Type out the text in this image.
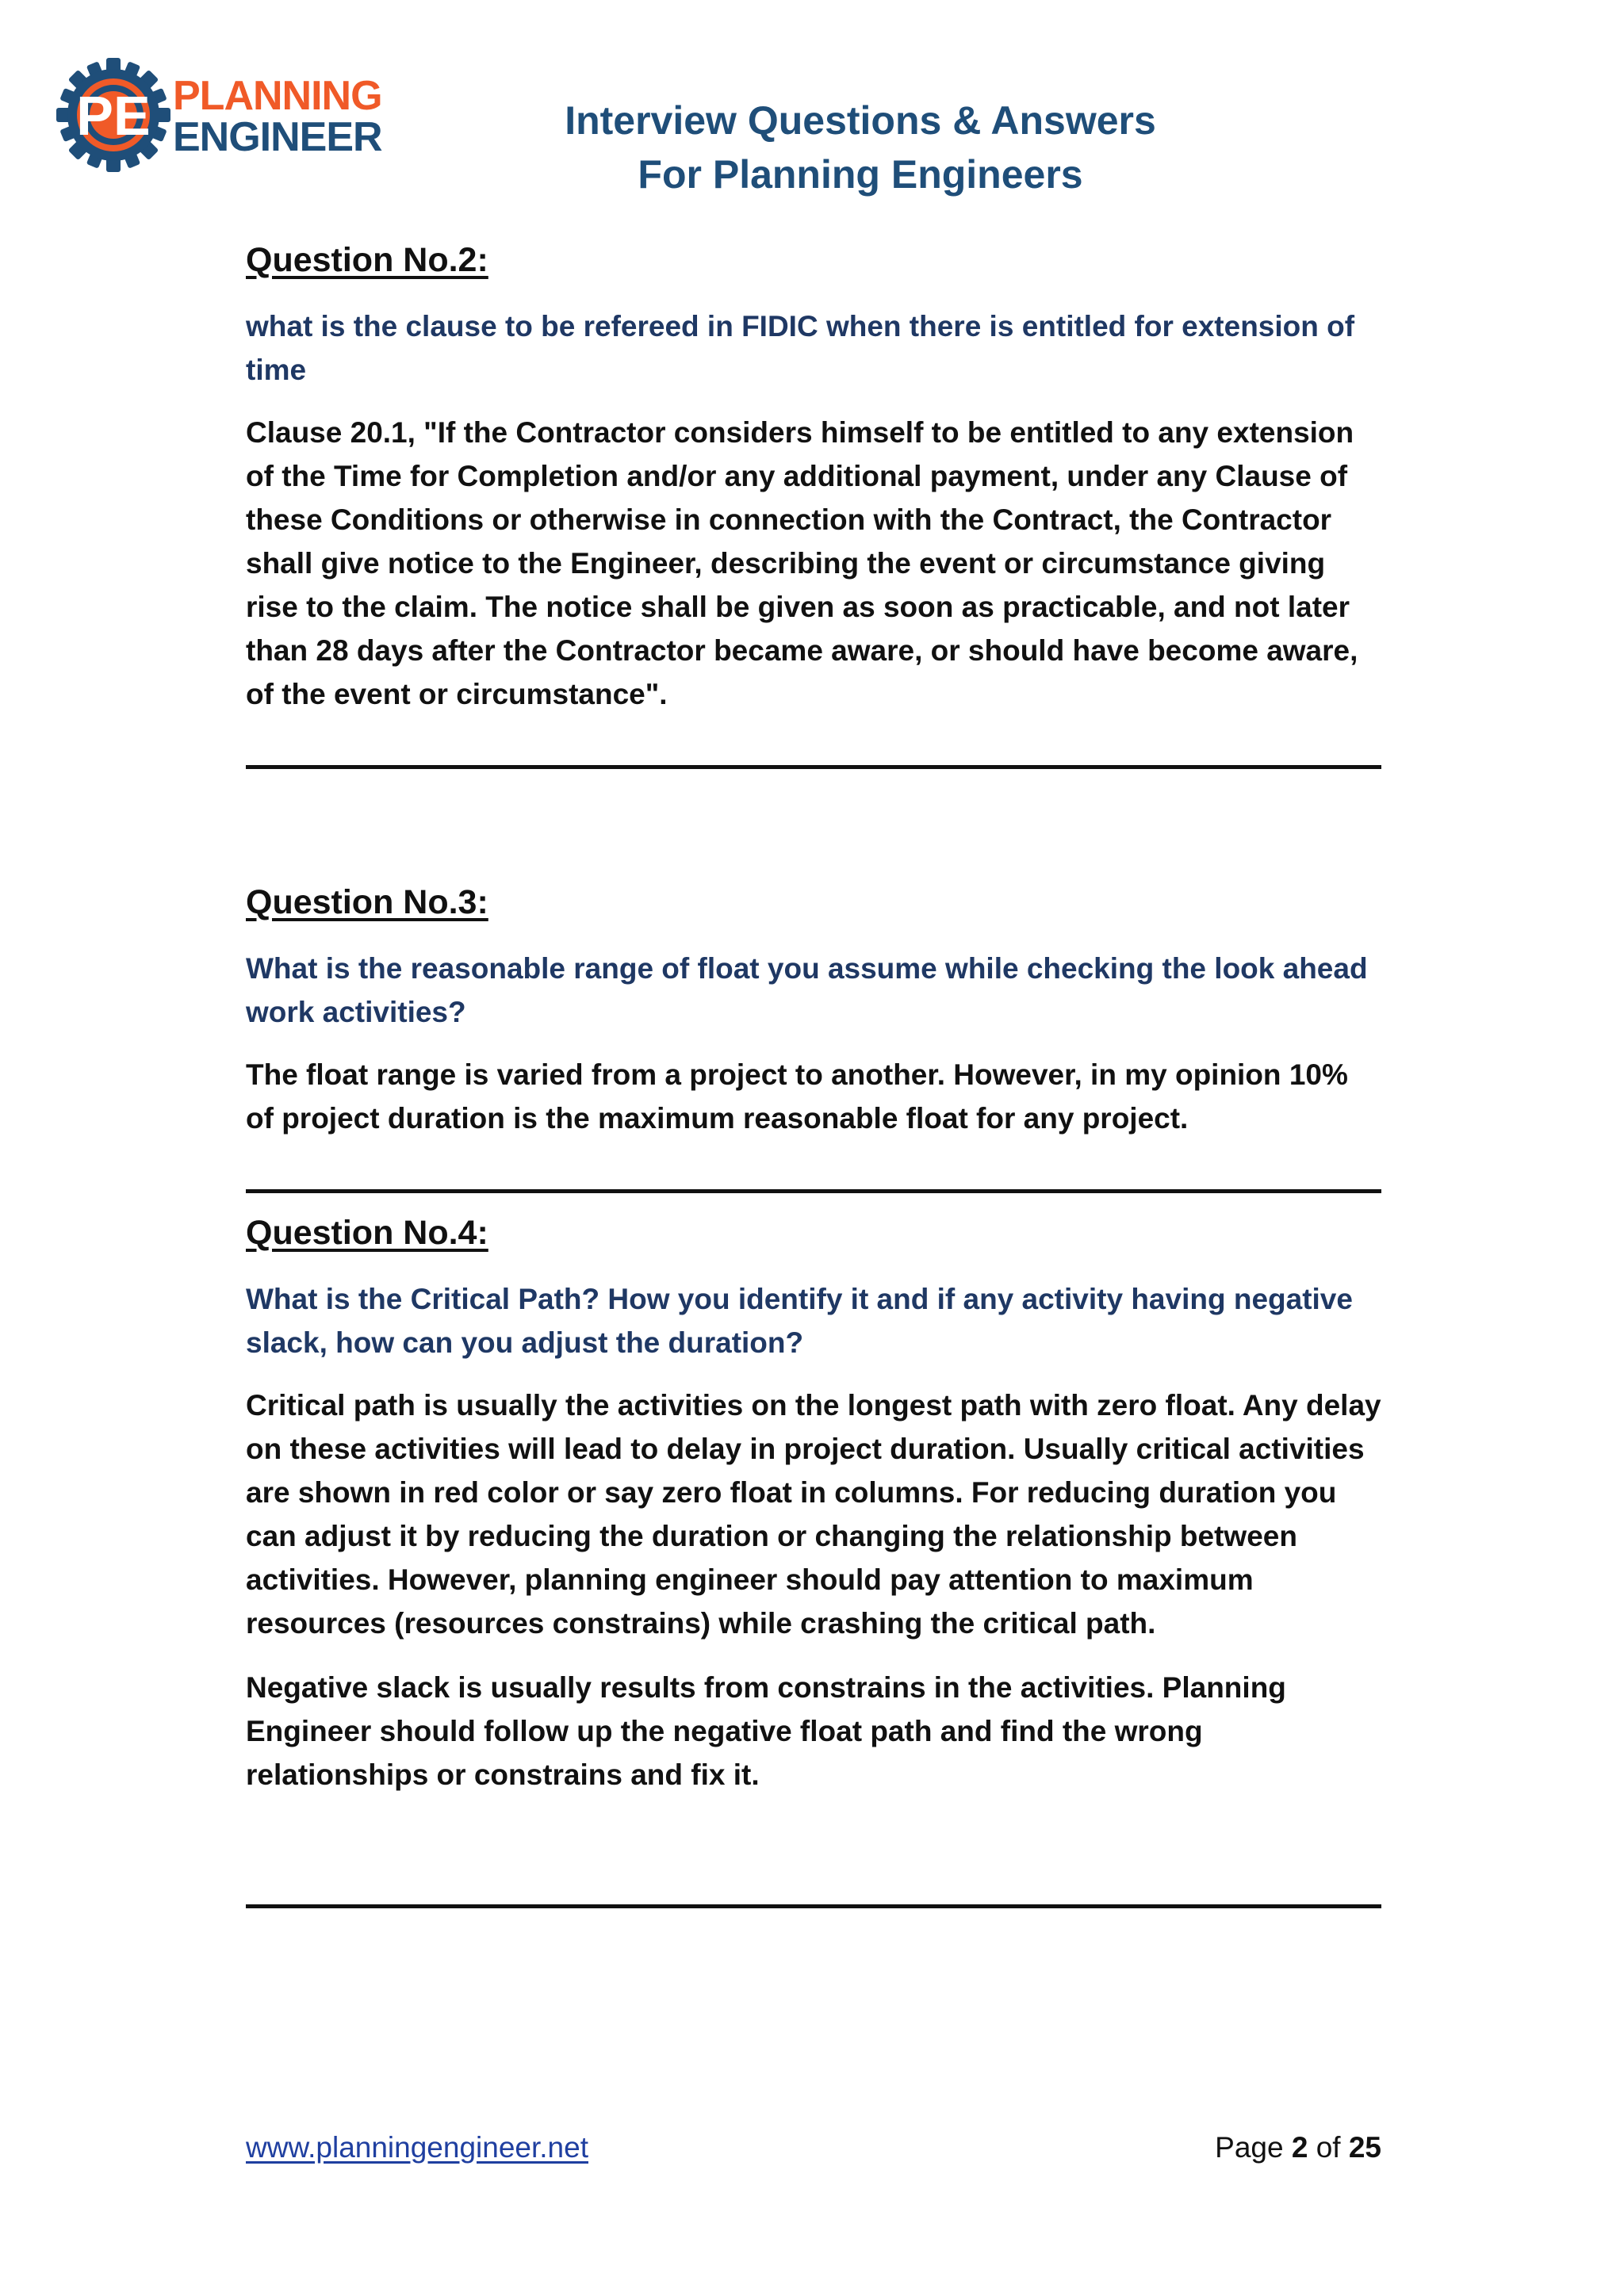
PE PLANNING
ENGINEER	Interview Questions & Answers
For Planning Engineers
Question No.2:
what is the clause to be refereed in FIDIC when there is entitled for extension of time
Clause 20.1, "If the Contractor considers himself to be entitled to any extension of the Time for Completion and/or any additional payment, under any Clause of these Conditions or otherwise in connection with the Contract, the Contractor shall give notice to the Engineer, describing the event or circumstance giving rise to the claim. The notice shall be given as soon as practicable, and not later than 28 days after the Contractor became aware, or should have become aware, of the event or circumstance".
Question No.3:
What is the reasonable range of float you assume while checking the look ahead work activities?
The float range is varied from a project to another. However, in my opinion 10% of project duration is the maximum reasonable float for any project.
Question No.4:
What is the Critical Path? How you identify it and if any activity having negative slack, how can you adjust the duration?
Critical path is usually the activities on the longest path with zero float. Any delay on these activities will lead to delay in project duration. Usually critical activities are shown in red color or say zero float in columns. For reducing duration you can adjust it by reducing the duration or changing the relationship between activities. However, planning engineer should pay attention to maximum resources (resources constrains) while crashing the critical path.
Negative slack is usually results from constrains in the activities. Planning Engineer should follow up the negative float path and find the wrong relationships or constrains and fix it.
www.planningengineer.net	Page 2 of 25
